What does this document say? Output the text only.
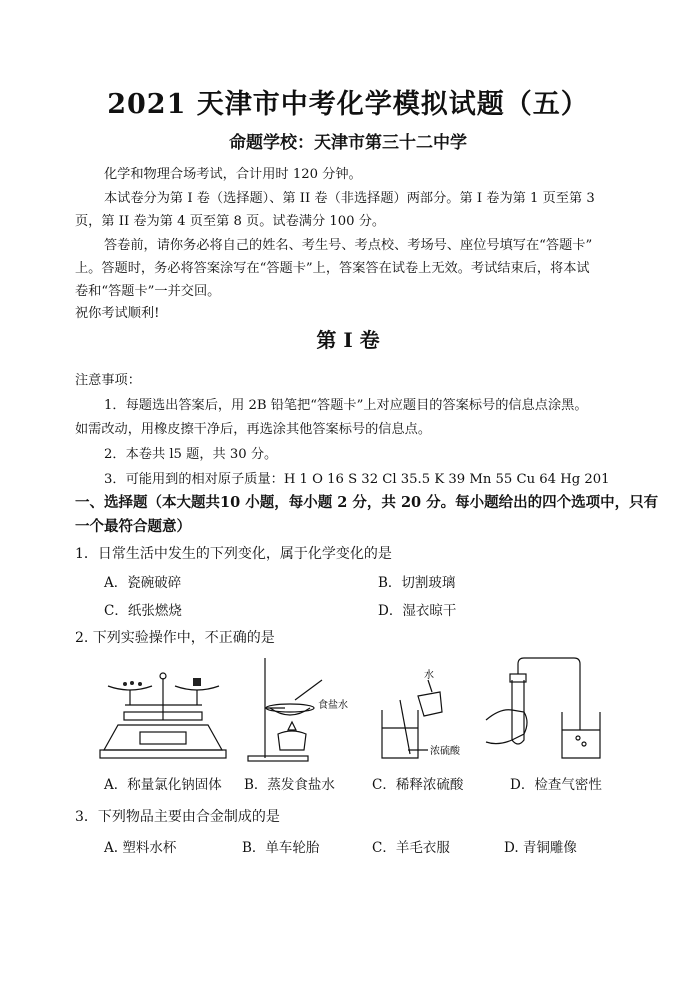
2021 天津市中考化学模拟试题（五）
命题学校：天津市第三十二中学
化学和物理合场考试，合计用时 120 分钟。
本试卷分为第 I 卷（选择题）、第 II 卷（非选择题）两部分。第 I 卷为第 1 页至第 3
页，第 II 卷为第 4 页至第 8 页。试卷满分 100 分。
答卷前，请你务必将自己的姓名、考生号、考点校、考场号、座位号填写在“答题卡”
上。答题时，务必将答案涂写在“答题卡”上，答案答在试卷上无效。考试结束后，将本试
卷和“答题卡”一并交回。
祝你考试顺利!
第 I 卷
注意事项：
1．每题选出答案后，用 2B 铅笔把“答题卡”上对应题目的答案标号的信息点涂黑。
如需改动，用橡皮擦干净后，再选涂其他答案标号的信息点。
2．本卷共 l5 题，共 30 分。
3．可能用到的相对原子质量：H 1 O 16 S 32 Cl 35.5 K 39 Mn 55 Cu 64 Hg 201
一、选择题（本大题共10 小题，每小题 2 分，共 20 分。每小题给出的四个选项中，只有
一个最符合题意）
1．日常生活中发生的下列变化，属于化学变化的是
A．瓷碗破碎	B．切割玻璃
C．纸张燃烧	D．湿衣晾干
2. 下列实验操作中，不正确的是
食盐水
水
浓硫酸
A．称量氯化钠固体 B．蒸发食盐水	C．稀释浓硫酸	D．检查气密性
3．下列物品主要由合金制成的是
A. 塑料水杯	B．单车轮胎	C．羊毛衣服	D. 青铜雕像
